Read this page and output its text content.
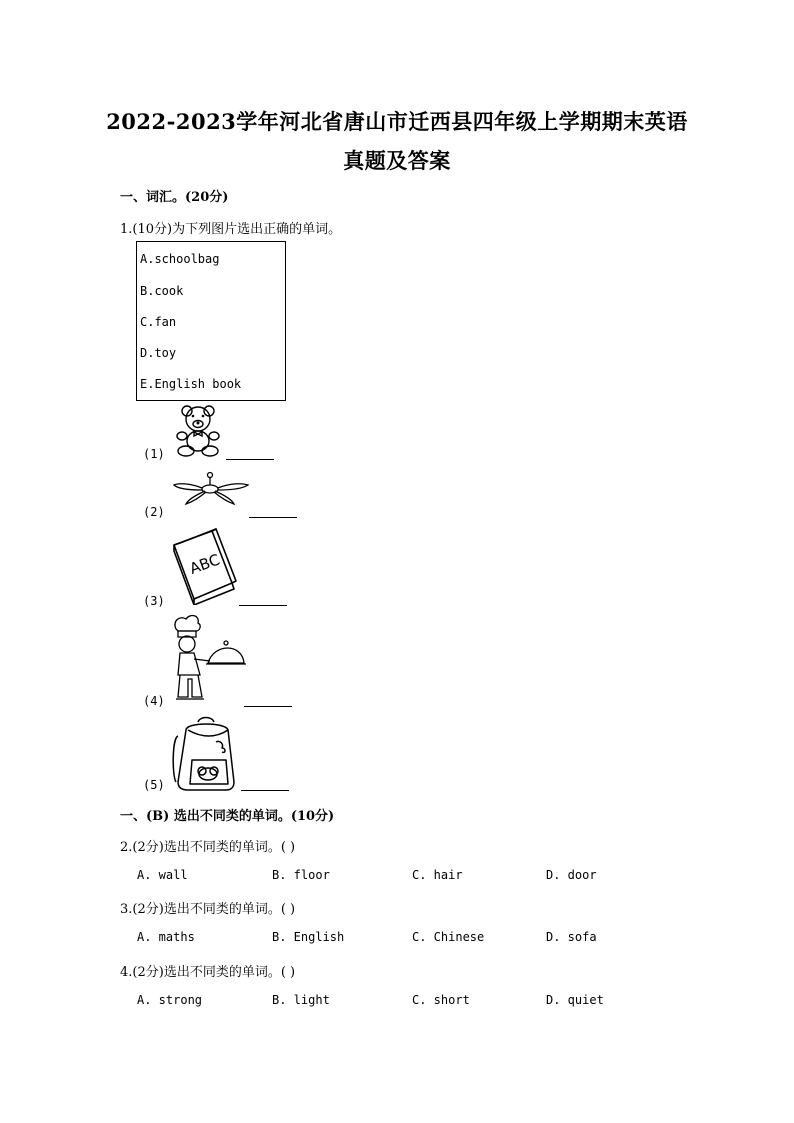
2022-2023学年河北省唐山市迁西县四年级上学期期末英语
真题及答案
一、词汇。(20分)
1.(10分)为下列图片选出正确的单词。
A.schoolbag
B.cook
C.fan
D.toy
E.English book
(1)
(2)
ABC
(3)
(4)
(5)
一、(B) 选出不同类的单词。(10分)
2.(2分)选出不同类的单词。( )
A. wall	B. floor	C. hair	D. door
3.(2分)选出不同类的单词。( )
A. maths	B. English	C. Chinese	D. sofa
4.(2分)选出不同类的单词。( )
A. strong	B. light	C. short	D. quiet
